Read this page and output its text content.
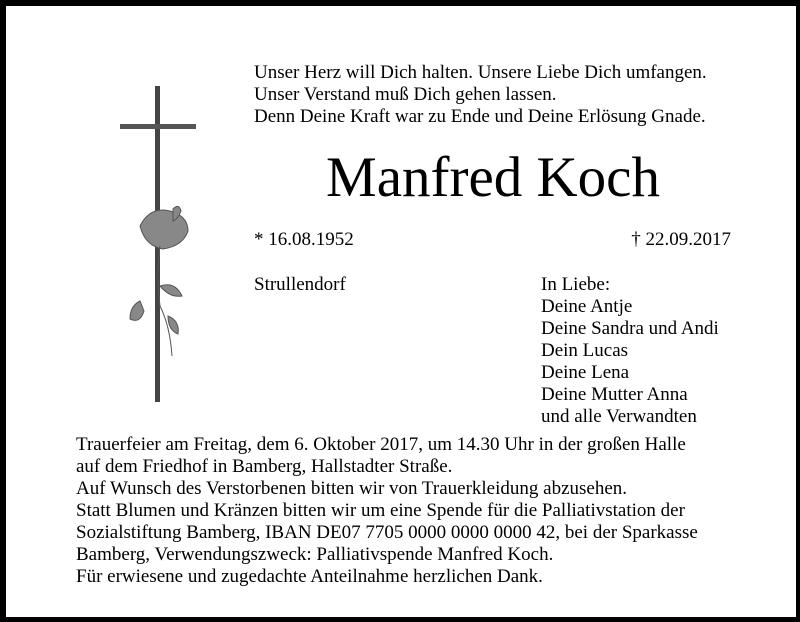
Unser Herz will Dich halten. Unsere Liebe Dich umfangen.
Unser Verstand muß Dich gehen lassen.
Denn Deine Kraft war zu Ende und Deine Erlösung Gnade.
Manfred Koch
* 16.08.1952	† 22.09.2017
Strullendorf	In Liebe:
Deine Antje
Deine Sandra und Andi
Dein Lucas
Deine Lena
Deine Mutter Anna
und alle Verwandten
Trauerfeier am Freitag, dem 6. Oktober 2017, um 14.30 Uhr in der großen Halle
auf dem Friedhof in Bamberg, Hallstadter Straße.
Auf Wunsch des Verstorbenen bitten wir von Trauerkleidung abzusehen.
Statt Blumen und Kränzen bitten wir um eine Spende für die Palliativstation der
Sozialstiftung Bamberg, IBAN DE07 7705 0000 0000 0000 42, bei der Sparkasse
Bamberg, Verwendungszweck: Palliativspende Manfred Koch.
Für erwiesene und zugedachte Anteilnahme herzlichen Dank.
